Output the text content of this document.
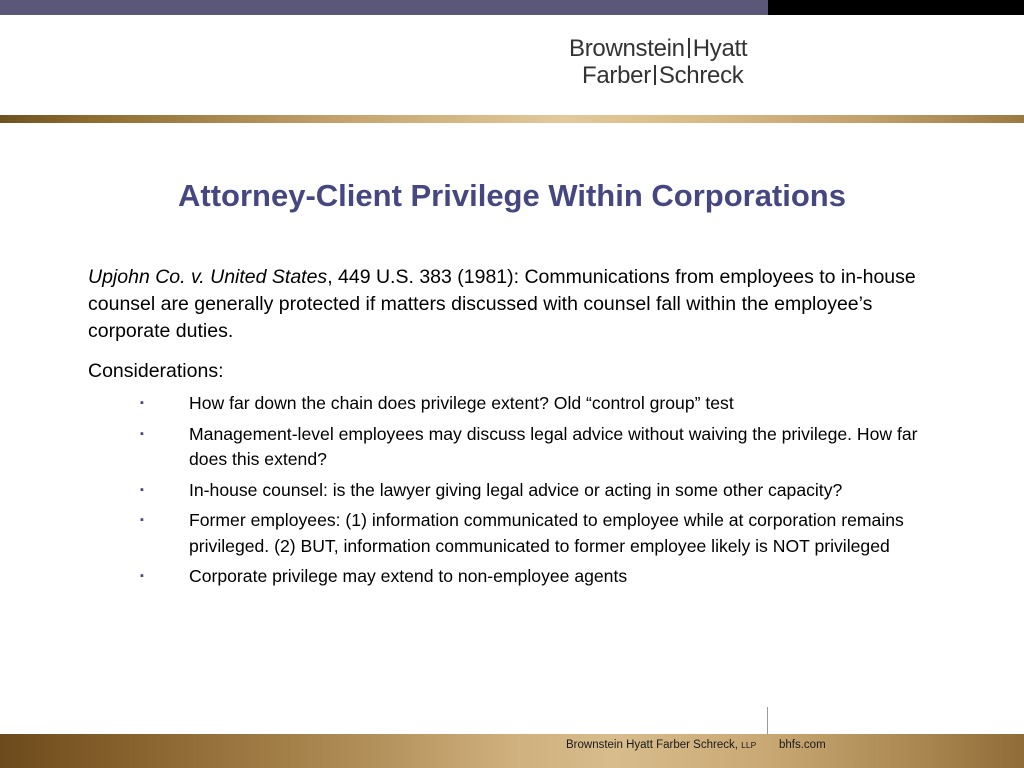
Brownstein Hyatt
Farber Schreck
Attorney-Client Privilege Within Corporations

Upjohn Co. v. United States, 449 U.S. 383 (1981): Communications from employees to in-house counsel are generally protected if matters discussed with counsel fall within the employee’s corporate duties.

Considerations:

▪	How far down the chain does privilege extent? Old “control group” test
▪	Management-level employees may discuss legal advice without waiving the privilege. How far does this extend?
▪	In-house counsel: is the lawyer giving legal advice or acting in some other capacity?
▪	Former employees: (1) information communicated to employee while at corporation remains privileged. (2) BUT, information communicated to former employee likely is NOT privileged
▪	Corporate privilege may extend to non-employee agents
Brownstein Hyatt Farber Schreck, LLP bhfs.com
